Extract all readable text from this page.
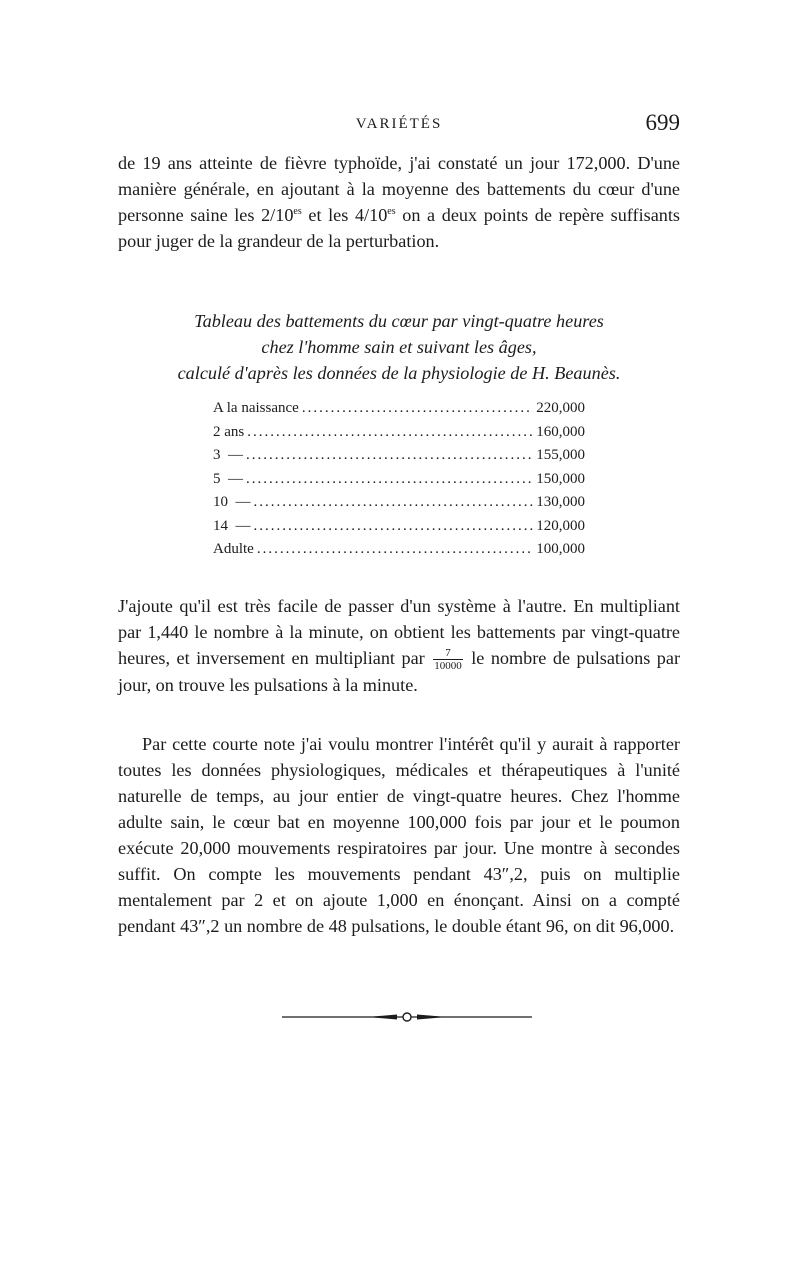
VARIÉTÉS	699
de 19 ans atteinte de fièvre typhoïde, j'ai constaté un jour 172,000. D'une manière générale, en ajoutant à la moyenne des battements du cœur d'une personne saine les $2/10^{es}$ et les $4/10^{es}$ on a deux points de repère suffisants pour juger de la grandeur de la perturbation.
Tableau des battements du cœur par vingt-quatre heures
chez l'homme sain et suivant les âges,
calculé d'après les données de la physiologie de H. Beaunès.
A la naissance .....	220,000
2 ans .....	160,000
3  — .....	155,000
5  — .....	150,000
10  — .....	130,000
14  — .....	120,000
Adulte .....	100,000
J'ajoute qu'il est très facile de passer d'un système à l'autre. En multipliant par 1,440 le nombre à la minute, on obtient les battements par vingt-quatre heures, et inversement en multipliant par $\frac{7}{10000}$ le nombre de pulsations par jour, on trouve les pulsations à la minute.
Par cette courte note j'ai voulu montrer l'intérêt qu'il y aurait à rapporter toutes les données physiologiques, médicales et thérapeutiques à l'unité naturelle de temps, au jour entier de vingt-quatre heures. Chez l'homme adulte sain, le cœur bat en moyenne 100,000 fois par jour et le poumon exécute 20,000 mouvements respiratoires par jour. Une montre à secondes suffit. On compte les mouvements pendant 43″,2, puis on multiplie mentalement par 2 et on ajoute 1,000 en énonçant. Ainsi on a compté pendant 43″,2 un nombre de 48 pulsations, le double étant 96, on dit 96,000.
